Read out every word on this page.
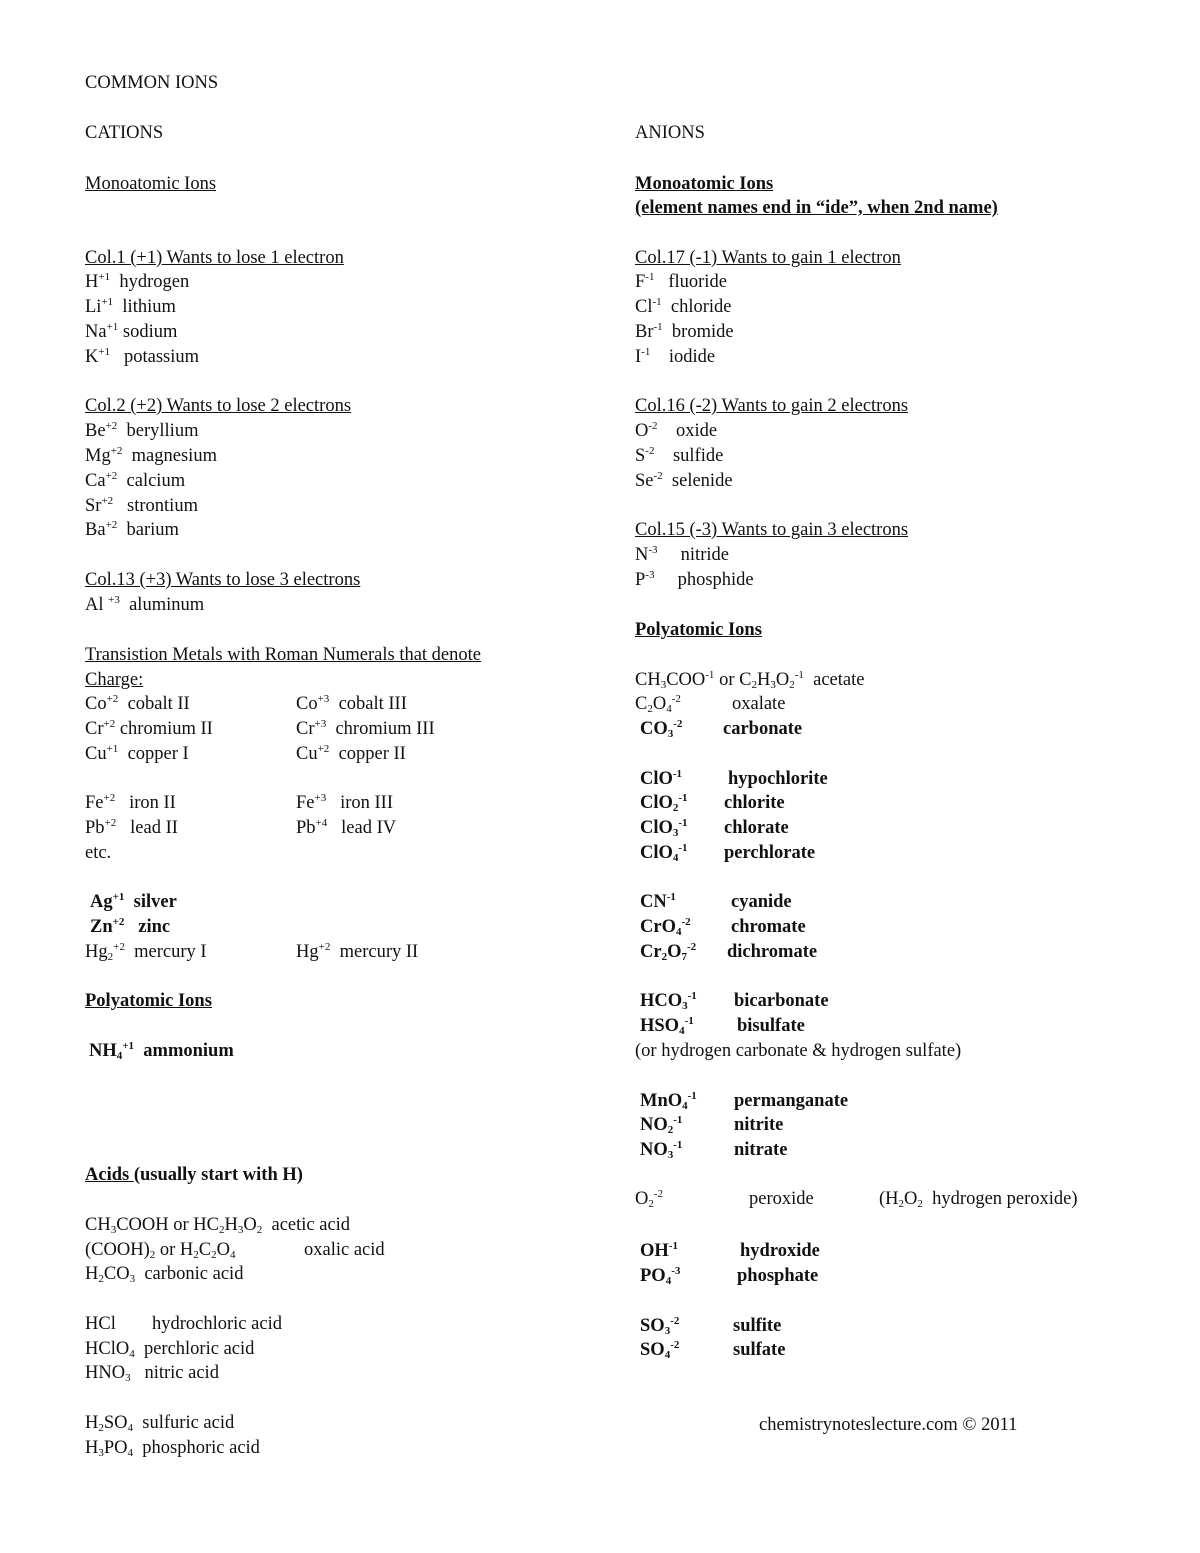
COMMON IONS
CATIONS
Monoatomic Ions
Col.1 (+1) Wants to lose 1 electron
$H^{+1}$ hydrogen
$Li^{+1}$ lithium
$Na^{+1}$ sodium
$K^{+1}$ potassium
Col.2 (+2) Wants to lose 2 electrons
$Be^{+2}$ beryllium
$Mg^{+2}$ magnesium
$Ca^{+2}$ calcium
$Sr^{+2}$ strontium
$Ba^{+2}$ barium
Col.13 (+3) Wants to lose 3 electrons
Al $^{+3}$ aluminum
Transistion Metals with Roman Numerals that denote
Charge:
$Co^{+2}$ cobalt II	$Co^{+3}$ cobalt III
$Cr^{+2}$ chromium II	$Cr^{+3}$ chromium III
$Cu^{+1}$ copper I	$Cu^{+2}$  copper II
$Fe^{+2}$ iron II	$Fe^{+3}$ iron III
$Pb^{+2}$ lead II	$Pb^{+4}$ lead IV
etc.
$Ag^{+1}$ silver
$Zn^{+2}$ zinc
$Hg_2^{+2}$ mercury I	$Hg^{+2}$ mercury II
Polyatomic Ions
$NH_4^{+1}$ ammonium
Acids (usually start with H)
$CH_3COOH$ or $HC_2H_3O_2$ acetic acid
$(COOH)_2$ or $H_2C_2O_4$	oxalic acid
$H_2CO_3$ carbonic acid
HCl hydrochloric acid
HClO$_4$ perchloric acid
$HNO_3$ nitric acid
$H_2SO_4$ sulfuric acid
$H_3PO_4$ phosphoric acid
ANIONS
Monoatomic Ions
(element names end in “ide”, when 2nd name)
Col.17 (-1) Wants to gain 1 electron
$F^{-1}$ fluoride
$Cl^{-1}$ chloride
$Br^{-1}$ bromide
$I^{-1}$ iodide
Col.16 (-2) Wants to gain 2 electrons
$O^{-2}$ oxide
$S^{-2}$ sulfide
$Se^{-2}$ selenide
Col.15 (-3) Wants to gain 3 electrons
$N^{-3}$ nitride
$P^{-3}$ phosphide
Polyatomic Ions
$CH_3COO^{-1}$ or $C_2H_3O_2^{-1}$ acetate
$C_2O_4^{-2}$	oxalate
$CO_3^{-2}$ carbonate
ClO$^{-1}$ hypochlorite
ClO$_2^{-1}$ chlorite
ClO$_3^{-1}$ chlorate
ClO$_4^{-1}$ perchlorate
$CN^{-1}$	cyanide
CrO$_4^{-2}$ chromate
$Cr_2O_7^{-2}$ dichromate
$HCO_3^{-1}$ bicarbonate
$HSO_4^{-1}$ bisulfate
(or hydrogen carbonate & hydrogen sulfate)
MnO$_4^{-1}$ permanganate
$NO_2^{-1}$	nitrite
$NO_3^{-1}$	nitrate
$O_2^{-2}$	peroxide	($H_2O_2$ hydrogen peroxide)
$OH^{-1}$	hydroxide
$PO_4^{-3}$	phosphate
$SO_3^{-2}$	sulfite
$SO_4^{-2}$	sulfate
chemistrynoteslecture.com © 2011
